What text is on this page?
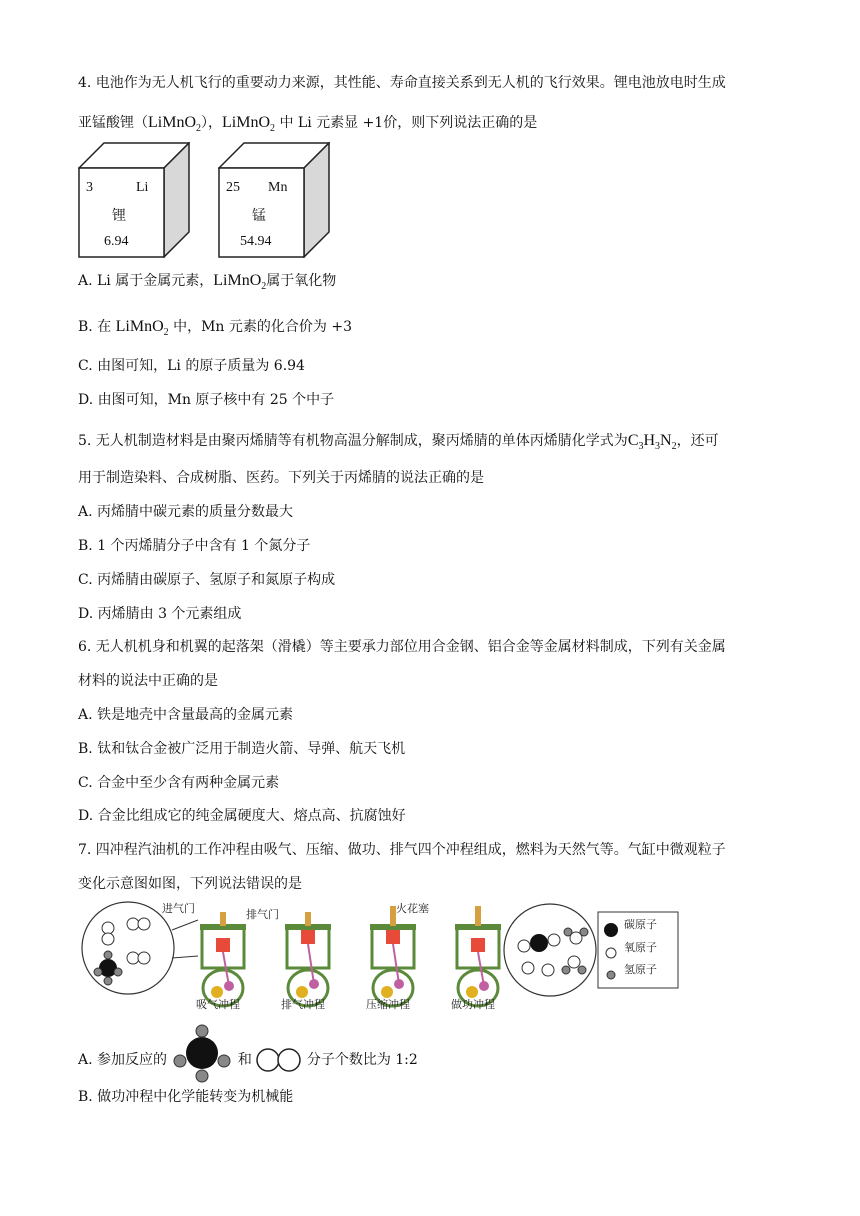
4. 电池作为无人机飞行的重要动力来源，其性能、寿命直接关系到无人机的飞行效果。锂电池放电时生成
亚锰酸锂（LiMnO$_2$），LiMnO$_2$ 中 Li 元素显 +1价，则下列说法正确的是
3	Li
锂
6.94
25 Mn
锰
54.94
A. Li 属于金属元素，LiMnO$_2$属于氧化物
B. 在 LiMnO$_2$ 中，Mn 元素的化合价为 +3
C. 由图可知，Li 的原子质量为 6.94
D. 由图可知，Mn 原子核中有 25 个中子
5. 无人机制造材料是由聚丙烯腈等有机物高温分解制成，聚丙烯腈的单体丙烯腈化学式为$C_3H_3N_2$，还可
用于制造染料、合成树脂、医药。下列关于丙烯腈的说法正确的是
A. 丙烯腈中碳元素的质量分数最大
B. 1 个丙烯腈分子中含有 1 个氮分子
C. 丙烯腈由碳原子、氢原子和氮原子构成
D. 丙烯腈由 3 个元素组成
6. 无人机机身和机翼的起落架（滑橇）等主要承力部位用合金钢、铝合金等金属材料制成，下列有关金属
材料的说法中正确的是
A. 铁是地壳中含量最高的金属元素
B. 钛和钛合金被广泛用于制造火箭、导弹、航天飞机
C. 合金中至少含有两种金属元素
D. 合金比组成它的纯金属硬度大、熔点高、抗腐蚀好
7. 四冲程汽油机的工作冲程由吸气、压缩、做功、排气四个冲程组成，燃料为天然气等。气缸中微观粒子
变化示意图如图，下列说法错误的是
进气门	排气门	火花塞
吸气冲程	排气冲程	压缩冲程	做功冲程
碳原子
氧原子
氢原子
A. 参加反应的	和	分子个数比为 1:2
B. 做功冲程中化学能转变为机械能
